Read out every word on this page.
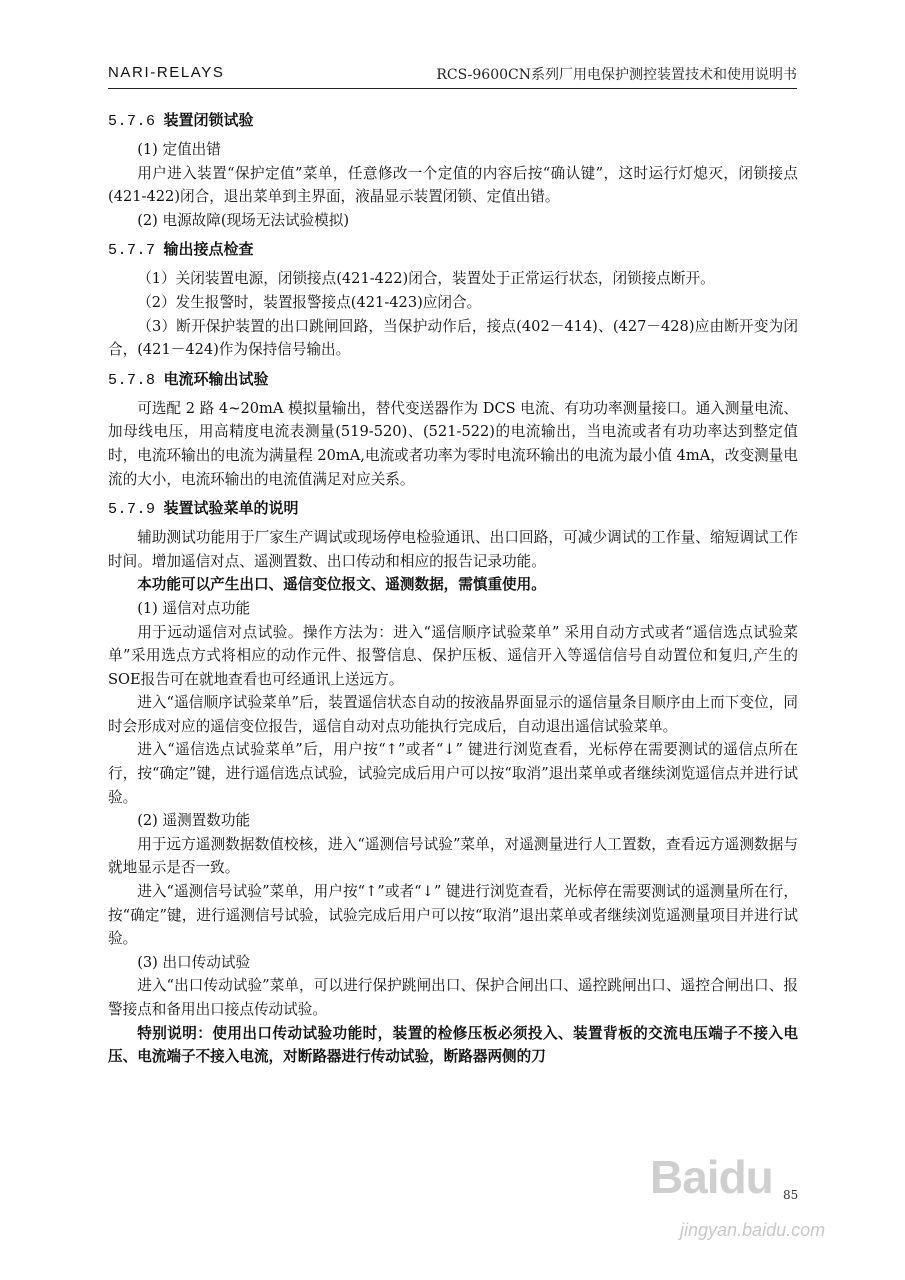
NARI-RELAYS	RCS-9600CN系列厂用电保护测控装置技术和使用说明书
5.7.6 装置闭锁试验

(1) 定值出错

用户进入装置“保护定值”菜单，任意修改一个定值的内容后按“确认键”，这时运行灯熄灭，闭锁接点(421-422)闭合，退出菜单到主界面，液晶显示装置闭锁、定值出错。

(2) 电源故障(现场无法试验模拟)

5.7.7 输出接点检查

（1）关闭装置电源，闭锁接点(421-422)闭合，装置处于正常运行状态，闭锁接点断开。

（2）发生报警时，装置报警接点(421-423)应闭合。

（3）断开保护装置的出口跳闸回路，当保护动作后，接点(402－414)、(427－428)应由断开变为闭合，(421－424)作为保持信号输出。

5.7.8 电流环输出试验

可选配 2 路 4~20mA 模拟量输出，替代变送器作为 DCS 电流、有功功率测量接口。通入测量电流、加母线电压，用高精度电流表测量(519-520)、(521-522)的电流输出，当电流或者有功功率达到整定值时，电流环输出的电流为满量程 20mA,电流或者功率为零时电流环输出的电流为最小值 4mA，改变测量电流的大小，电流环输出的电流值满足对应关系。

5.7.9 装置试验菜单的说明

辅助测试功能用于厂家生产调试或现场停电检验通讯、出口回路，可减少调试的工作量、缩短调试工作时间。增加遥信对点、遥测置数、出口传动和相应的报告记录功能。

本功能可以产生出口、遥信变位报文、遥测数据，需慎重使用。

(1) 遥信对点功能

用于远动遥信对点试验。操作方法为：进入“遥信顺序试验菜单” 采用自动方式或者“遥信选点试验菜单”采用选点方式将相应的动作元件、报警信息、保护压板、遥信开入等遥信信号自动置位和复归,产生的SOE报告可在就地查看也可经通讯上送远方。

进入“遥信顺序试验菜单”后，装置遥信状态自动的按液晶界面显示的遥信量条目顺序由上而下变位，同时会形成对应的遥信变位报告，遥信自动对点功能执行完成后，自动退出遥信试验菜单。

进入“遥信选点试验菜单”后，用户按“↑”或者“↓” 键进行浏览查看，光标停在需要测试的遥信点所在行，按“确定”键，进行遥信选点试验，试验完成后用户可以按“取消”退出菜单或者继续浏览遥信点并进行试验。

(2) 遥测置数功能

用于远方遥测数据数值校核，进入“遥测信号试验”菜单，对遥测量进行人工置数，查看远方遥测数据与就地显示是否一致。

进入“遥测信号试验”菜单，用户按“↑”或者“↓” 键进行浏览查看，光标停在需要测试的遥测量所在行，按“确定”键，进行遥测信号试验，试验完成后用户可以按“取消”退出菜单或者继续浏览遥测量项目并进行试验。

(3) 出口传动试验

进入“出口传动试验”菜单，可以进行保护跳闸出口、保护合闸出口、遥控跳闸出口、遥控合闸出口、报警接点和备用出口接点传动试验。

特别说明：使用出口传动试验功能时，装置的检修压板必须投入、装置背板的交流电压端子不接入电压、电流端子不接入电流，对断路器进行传动试验，断路器两侧的刀

85
Baidu
jingyan.baidu.com
